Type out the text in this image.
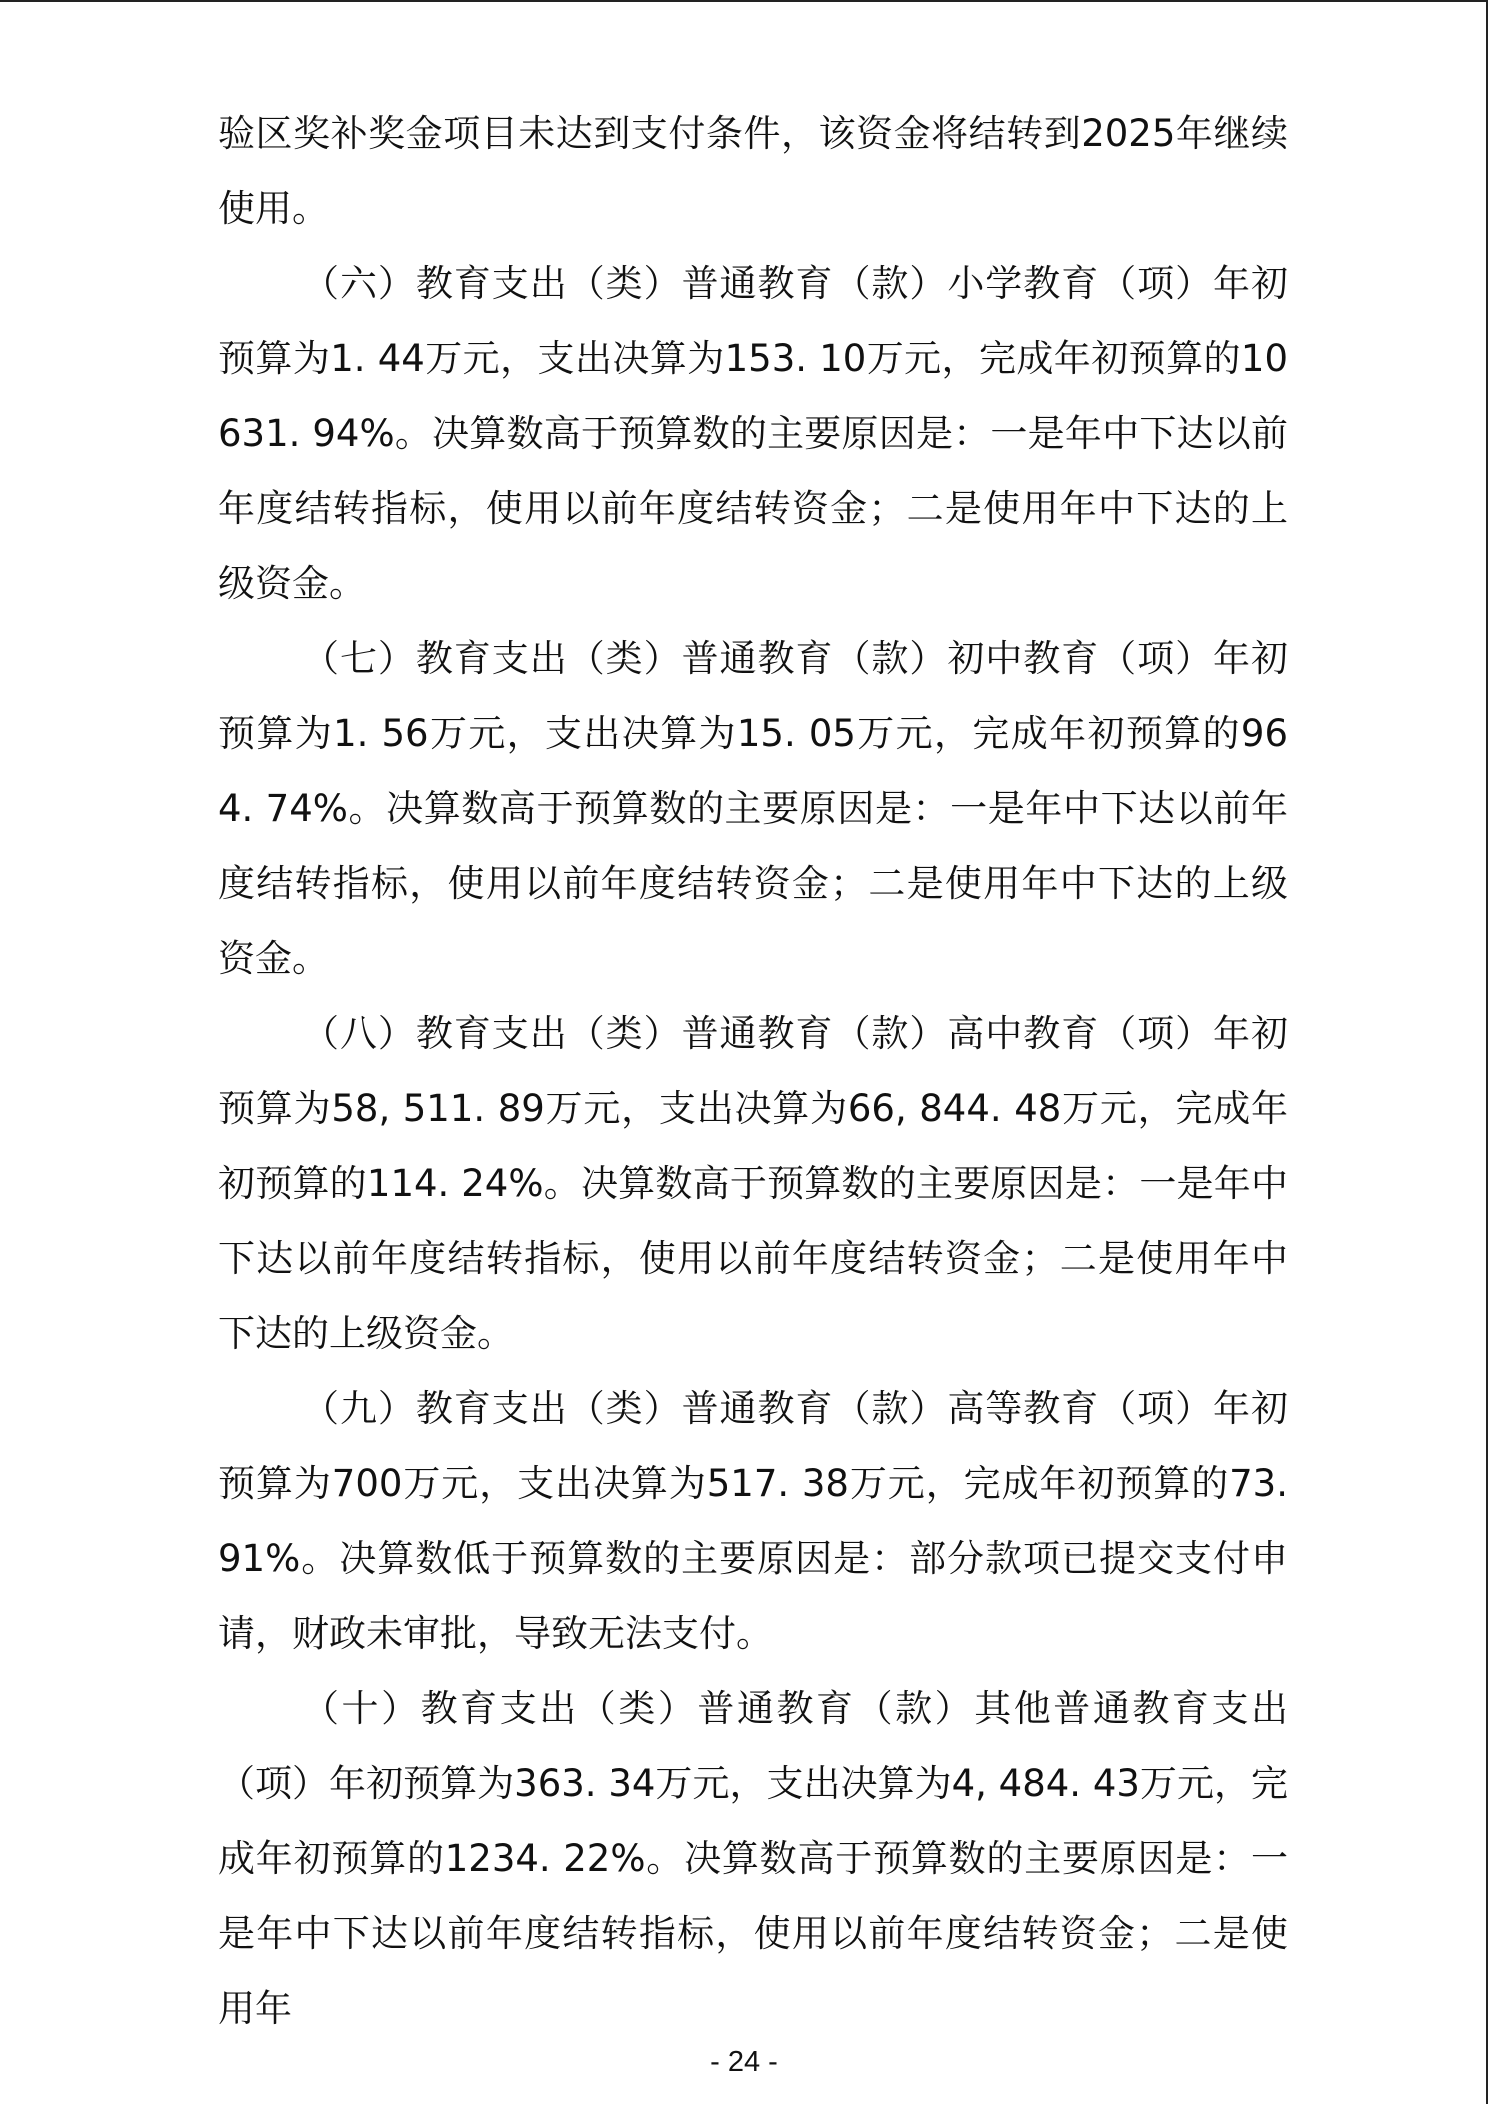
验区奖补奖金项目未达到支付条件，该资金将结转到2025年继续使用。

（六）教育支出（类）普通教育（款）小学教育（项）年初预算为1. 44万元，支出决算为153. 10万元，完成年初预算的10631. 94%。决算数高于预算数的主要原因是：一是年中下达以前年度结转指标，使用以前年度结转资金；二是使用年中下达的上级资金。

（七）教育支出（类）普通教育（款）初中教育（项）年初预算为1. 56万元，支出决算为15. 05万元，完成年初预算的964. 74%。决算数高于预算数的主要原因是：一是年中下达以前年度结转指标，使用以前年度结转资金；二是使用年中下达的上级资金。

（八）教育支出（类）普通教育（款）高中教育（项）年初预算为58, 511. 89万元，支出决算为66, 844. 48万元，完成年初预算的114. 24%。决算数高于预算数的主要原因是：一是年中下达以前年度结转指标，使用以前年度结转资金；二是使用年中下达的上级资金。

（九）教育支出（类）普通教育（款）高等教育（项）年初预算为700万元，支出决算为517. 38万元，完成年初预算的73. 91%。决算数低于预算数的主要原因是：部分款项已提交支付申请，财政未审批，导致无法支付。

（十）教育支出（类）普通教育（款）其他普通教育支出（项）年初预算为363. 34万元，支出决算为4, 484. 43万元，完成年初预算的1234. 22%。决算数高于预算数的主要原因是：一是年中下达以前年度结转指标，使用以前年度结转资金；二是使用年

- 24 -
